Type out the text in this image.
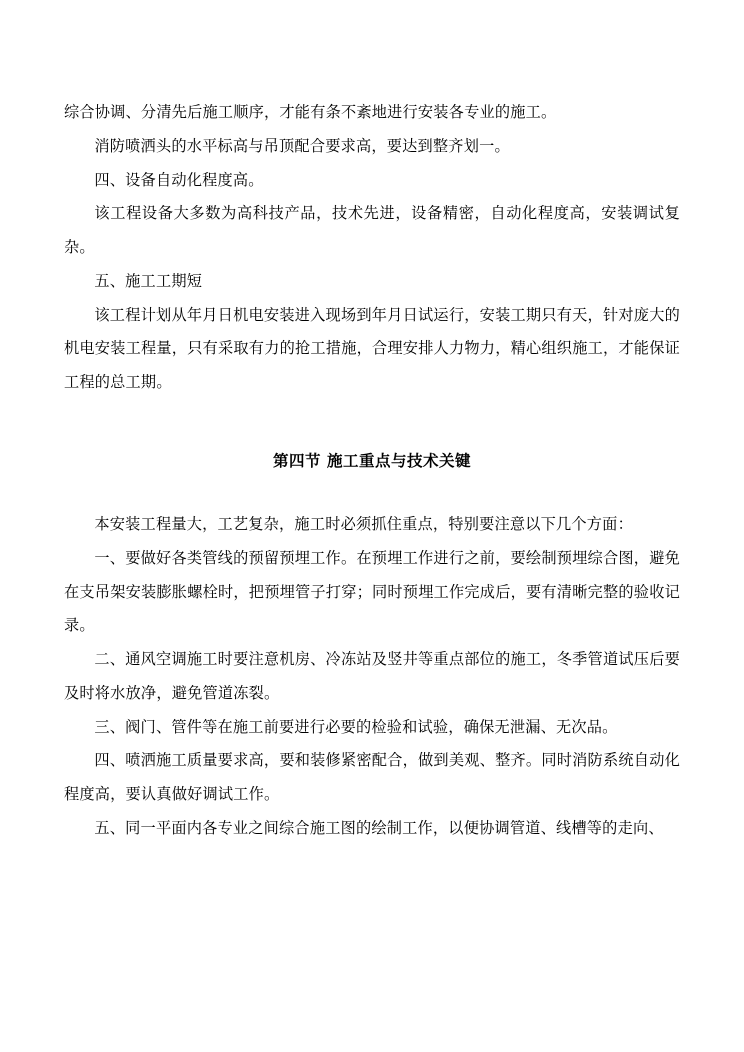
综合协调、分清先后施工顺序，才能有条不紊地进行安装各专业的施工。

消防喷洒头的水平标高与吊顶配合要求高，要达到整齐划一。

四、设备自动化程度高。

该工程设备大多数为高科技产品，技术先进，设备精密，自动化程度高，安装调试复杂。

五、施工工期短

该工程计划从年月日机电安装进入现场到年月日试运行，安装工期只有天，针对庞大的机电安装工程量，只有采取有力的抢工措施，合理安排人力物力，精心组织施工，才能保证工程的总工期。

第四节 施工重点与技术关键

本安装工程量大，工艺复杂，施工时必须抓住重点，特别要注意以下几个方面：

一、要做好各类管线的预留预埋工作。在预埋工作进行之前，要绘制预埋综合图，避免在支吊架安装膨胀螺栓时，把预埋管子打穿；同时预埋工作完成后，要有清晰完整的验收记录。

二、通风空调施工时要注意机房、冷冻站及竖井等重点部位的施工，冬季管道试压后要及时将水放净，避免管道冻裂。

三、阀门、管件等在施工前要进行必要的检验和试验，确保无泄漏、无次品。

四、喷洒施工质量要求高，要和装修紧密配合，做到美观、整齐。同时消防系统自动化程度高，要认真做好调试工作。

五、同一平面内各专业之间综合施工图的绘制工作，以便协调管道、线槽等的走向、
